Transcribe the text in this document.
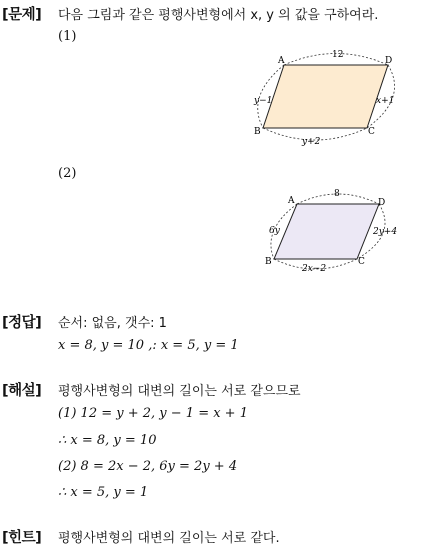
[문제] 다음 그림과 같은 평행사변형에서 x, y 의 값을 구하여라.
(1)
A	D
B	C
12
y−1	x+1
y+2
(2)
A	D
B	C
8
6y	2y+4
2x−2
[정답] 순서: 없음, 갯수: 1
x = 8, y = 10 ,: x = 5, y = 1
[해설] 평행사변형의 대변의 길이는 서로 같으므로
(1) 12 = y + 2, y − 1 = x + 1
∴ x = 8, y = 10
(2) 8 = 2x − 2, 6y = 2y + 4
∴ x = 5, y = 1
[힌트] 평행사변형의 대변의 길이는 서로 같다.
